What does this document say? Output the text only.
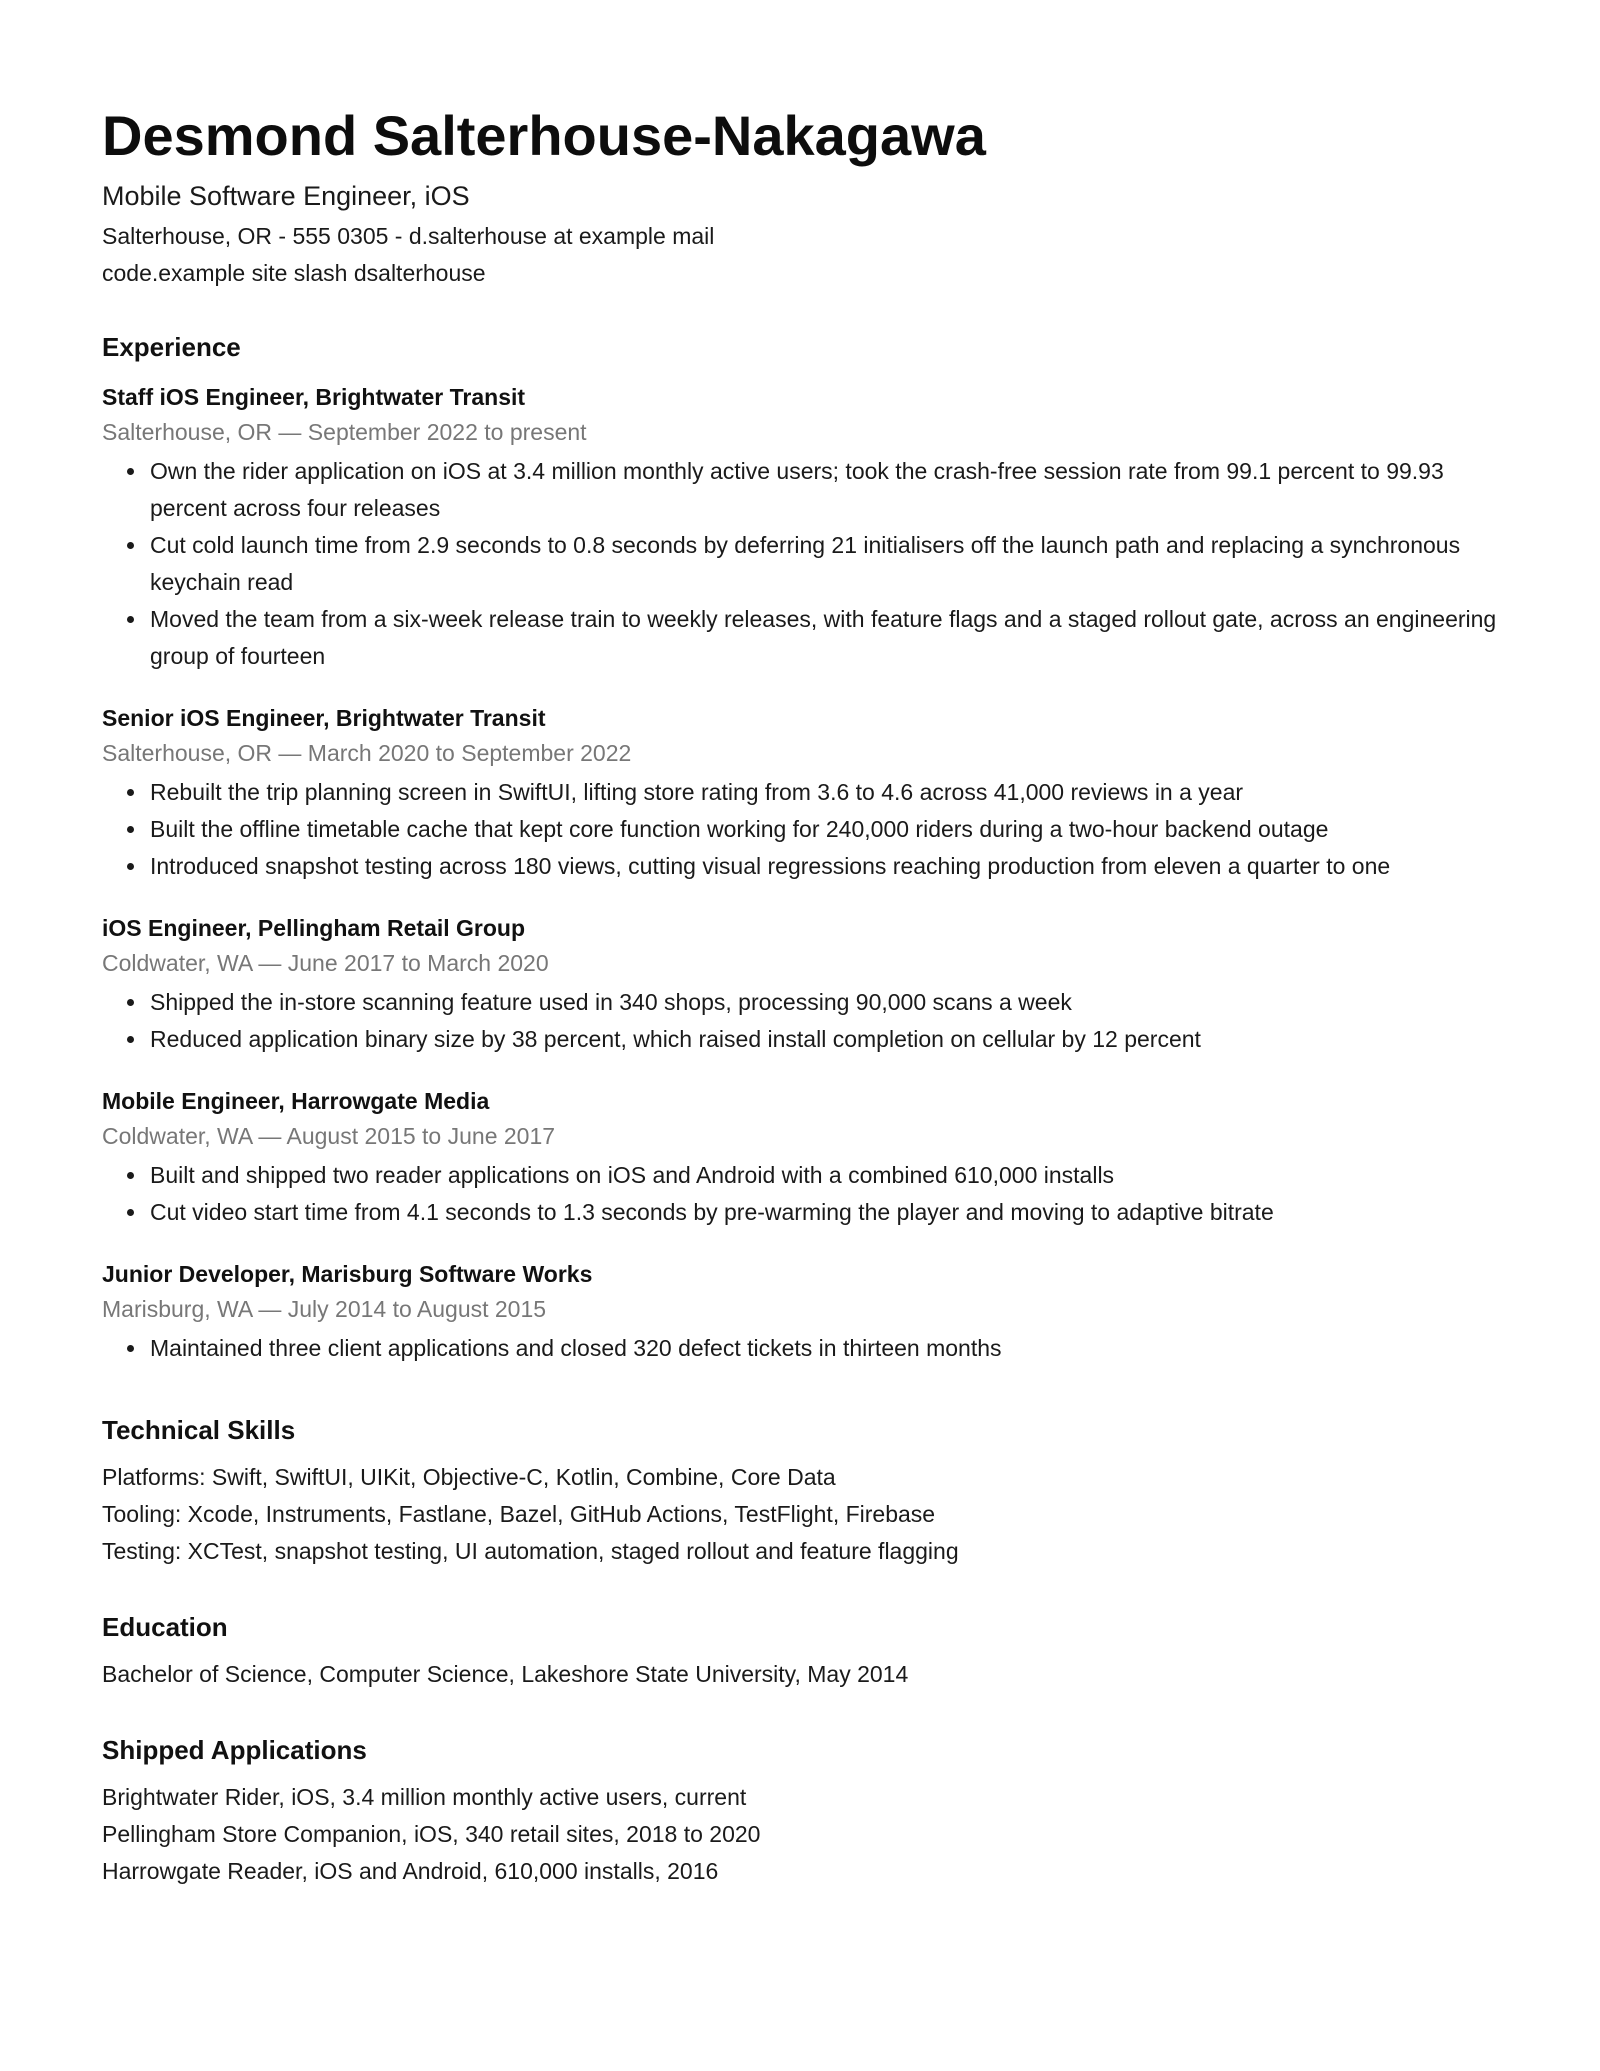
Desmond Salterhouse-Nakagawa
Mobile Software Engineer, iOS
Salterhouse, OR - 555 0305 - d.salterhouse at example mail
code.example site slash dsalterhouse
Experience
Staff iOS Engineer, Brightwater Transit
Salterhouse, OR — September 2022 to present
• Own the rider application on iOS at 3.4 million monthly active users; took the crash-free session rate from 99.1 percent to 99.93 percent across four releases
• Cut cold launch time from 2.9 seconds to 0.8 seconds by deferring 21 initialisers off the launch path and replacing a synchronous keychain read
• Moved the team from a six-week release train to weekly releases, with feature flags and a staged rollout gate, across an engineering group of fourteen
Senior iOS Engineer, Brightwater Transit
Salterhouse, OR — March 2020 to September 2022
• Rebuilt the trip planning screen in SwiftUI, lifting store rating from 3.6 to 4.6 across 41,000 reviews in a year
• Built the offline timetable cache that kept core function working for 240,000 riders during a two-hour backend outage
• Introduced snapshot testing across 180 views, cutting visual regressions reaching production from eleven a quarter to one
iOS Engineer, Pellingham Retail Group
Coldwater, WA — June 2017 to March 2020
• Shipped the in-store scanning feature used in 340 shops, processing 90,000 scans a week
• Reduced application binary size by 38 percent, which raised install completion on cellular by 12 percent
Mobile Engineer, Harrowgate Media
Coldwater, WA — August 2015 to June 2017
• Built and shipped two reader applications on iOS and Android with a combined 610,000 installs
• Cut video start time from 4.1 seconds to 1.3 seconds by pre-warming the player and moving to adaptive bitrate
Junior Developer, Marisburg Software Works
Marisburg, WA — July 2014 to August 2015
• Maintained three client applications and closed 320 defect tickets in thirteen months
Technical Skills
Platforms: Swift, SwiftUI, UIKit, Objective-C, Kotlin, Combine, Core Data
Tooling: Xcode, Instruments, Fastlane, Bazel, GitHub Actions, TestFlight, Firebase
Testing: XCTest, snapshot testing, UI automation, staged rollout and feature flagging
Education
Bachelor of Science, Computer Science, Lakeshore State University, May 2014
Shipped Applications
Brightwater Rider, iOS, 3.4 million monthly active users, current
Pellingham Store Companion, iOS, 340 retail sites, 2018 to 2020
Harrowgate Reader, iOS and Android, 610,000 installs, 2016
